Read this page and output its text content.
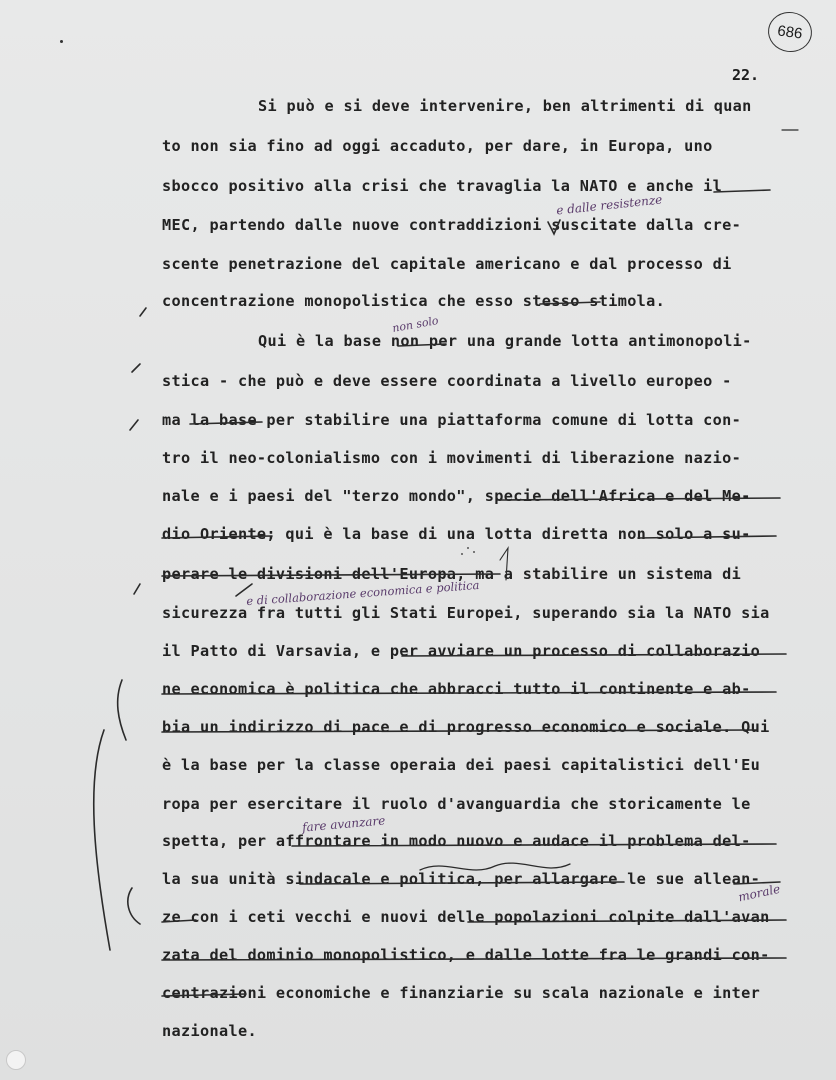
686
22.

Si può e si deve intervenire, ben altrimenti di quan

to non sia fino ad oggi accaduto, per dare, in Europa, uno

sbocco positivo alla crisi che travaglia la NATO e anche il

MEC, partendo dalle nuove contraddizioni suscitate dalla cre-

scente penetrazione del capitale americano e dal processo di

concentrazione monopolistica che esso stesso stimola.

Qui è la base non per una grande lotta antimonopoli-

stica - che può e deve essere coordinata a livello europeo -

ma la base per stabilire una piattaforma comune di lotta con-

tro il neo-colonialismo con i movimenti di liberazione nazio-

nale e i paesi del "terzo mondo", specie dell'Africa e del Me-

dio Oriente; qui è la base di una lotta diretta non solo a su-

perare le divisioni dell'Europa, ma a stabilire un sistema di

sicurezza fra tutti gli Stati Europei, superando sia la NATO sia

il Patto di Varsavia, e per avviare un processo di collaborazio

ne economica è politica che abbracci tutto il continente e ab-

bia un indirizzo di pace e di progresso economico e sociale. Qui

è la base per la classe operaia dei paesi capitalistici dell'Eu

ropa per esercitare il ruolo d'avanguardia che storicamente le

spetta, per affrontare in modo nuovo e audace il problema del-

la sua unità sindacale e politica, per allargare le sue allean-

ze con i ceti vecchi e nuovi delle popolazioni colpite dall'avan

zata del dominio monopolistico, e dalle lotte fra le grandi con-

centrazioni economiche e finanziarie su scala nazionale e inter

nazionale.

e dalle resistenze
non solo
e di collaborazione economica e politica
fare avanzare
morale
